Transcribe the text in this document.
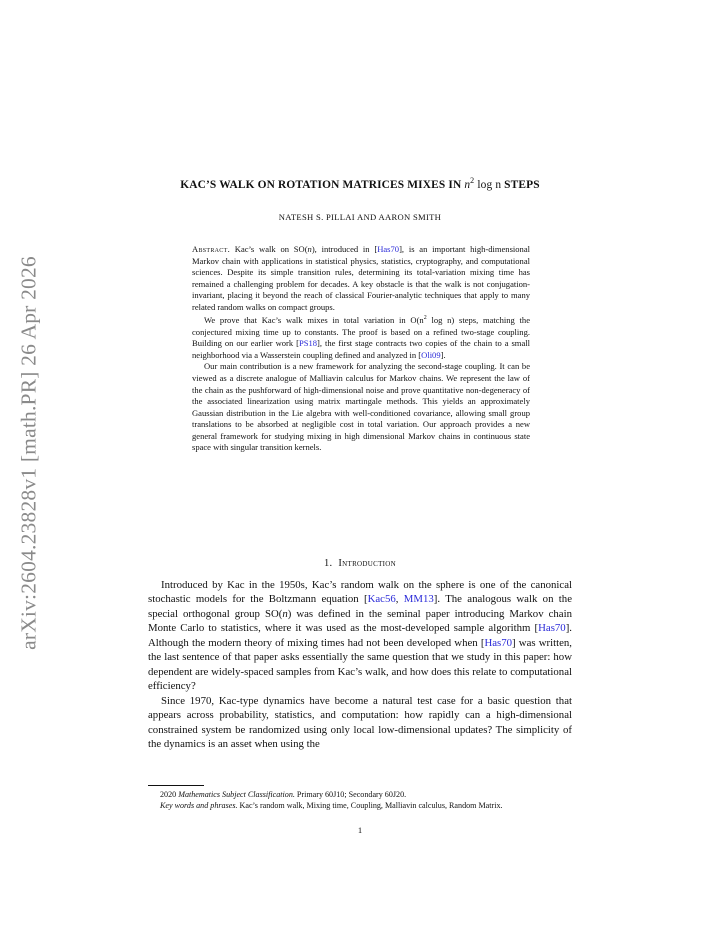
arXiv:2604.23828v1 [math.PR] 26 Apr 2026
KAC’S WALK ON ROTATION MATRICES MIXES IN $n^2$ log n STEPS
NATESH S. PILLAI AND AARON SMITH

Abstract. Kac’s walk on SO(n), introduced in [Has70], is an important high-dimensional Markov chain with applications in statistical physics, statistics, cryptography, and computational sciences. Despite its simple transition rules, determining its total-variation mixing time has remained a challenging problem for decades. A key obstacle is that the walk is not conjugation-invariant, placing it beyond the reach of classical Fourier-analytic techniques that apply to many related random walks on compact groups.

We prove that Kac’s walk mixes in total variation in $O(n^2$ log n) steps, matching the conjectured mixing time up to constants. The proof is based on a refined two-stage coupling. Building on our earlier work [PS18], the first stage contracts two copies of the chain to a small neighborhood via a Wasserstein coupling defined and analyzed in [Oli09].

Our main contribution is a new framework for analyzing the second-stage coupling. It can be viewed as a discrete analogue of Malliavin calculus for Markov chains. We represent the law of the chain as the pushforward of high-dimensional noise and prove quantitative non-degeneracy of the associated linearization using matrix martingale methods. This yields an approximately Gaussian distribution in the Lie algebra with well-conditioned covariance, allowing small group translations to be absorbed at negligible cost in total variation. Our approach provides a new general framework for studying mixing in high dimensional Markov chains in continuous state space with singular transition kernels.

1. Introduction

Introduced by Kac in the 1950s, Kac’s random walk on the sphere is one of the canonical stochastic models for the Boltzmann equation [Kac56, MM13]. The analogous walk on the special orthogonal group SO(n) was defined in the seminal paper introducing Markov chain Monte Carlo to statistics, where it was used as the most-developed sample algorithm [Has70]. Although the modern theory of mixing times had not been developed when [Has70] was written, the last sentence of that paper asks essentially the same question that we study in this paper: how dependent are widely-spaced samples from Kac’s walk, and how does this relate to computational efficiency?

Since 1970, Kac-type dynamics have become a natural test case for a basic question that appears across probability, statistics, and computation: how rapidly can a high-dimensional constrained system be randomized using only local low-dimensional updates? The simplicity of the dynamics is an asset when using the

2020 Mathematics Subject Classification. Primary 60J10; Secondary 60J20.

Key words and phrases. Kac’s random walk, Mixing time, Coupling, Malliavin calculus, Random Matrix.

1
